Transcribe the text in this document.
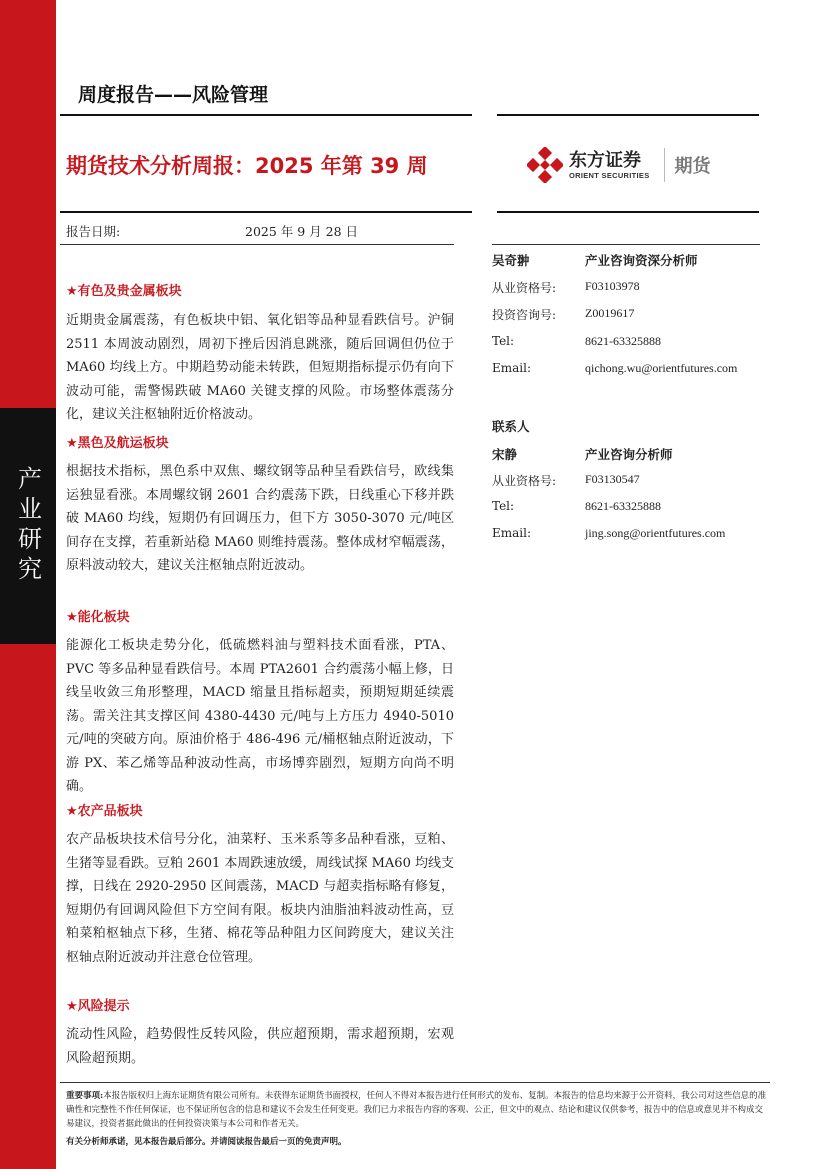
产业研究
周度报告——风险管理
期货技术分析周报：2025 年第 39 周	东方证券
ORIENT SECURITIES 期货
报告日期:	2025 年 9 月 28 日
★有色及贵金属板块
近期贵金属震荡，有色板块中铝、氧化铝等品种显看跌信号。沪铜 2511 本周波动剧烈，周初下挫后因消息跳涨，随后回调但仍位于 MA60 均线上方。中期趋势动能未转跌，但短期指标提示仍有向下波动可能，需警惕跌破 MA60 关键支撑的风险。市场整体震荡分化，建议关注枢轴附近价格波动。
★黑色及航运板块
根据技术指标，黑色系中双焦、螺纹钢等品种呈看跌信号，欧线集运独显看涨。本周螺纹钢 2601 合约震荡下跌，日线重心下移并跌破 MA60 均线，短期仍有回调压力，但下方 3050-3070 元/吨区间存在支撑，若重新站稳 MA60 则维持震荡。整体成材窄幅震荡，原料波动较大，建议关注枢轴点附近波动。
★能化板块
能源化工板块走势分化，低硫燃料油与塑料技术面看涨，PTA、PVC 等多品种显看跌信号。本周 PTA2601 合约震荡小幅上修，日线呈收敛三角形整理，MACD 缩量且指标超卖，预期短期延续震荡。需关注其支撑区间 4380-4430 元/吨与上方压力 4940-5010 元/吨的突破方向。原油价格于 486-496 元/桶枢轴点附近波动，下游 PX、苯乙烯等品种波动性高，市场博弈剧烈，短期方向尚不明确。
★农产品板块
农产品板块技术信号分化，油菜籽、玉米系等多品种看涨，豆粕、生猪等显看跌。豆粕 2601 本周跌速放缓，周线试探 MA60 均线支撑，日线在 2920-2950 区间震荡，MACD 与超卖指标略有修复，短期仍有回调风险但下方空间有限。板块内油脂油料波动性高，豆粕菜粕枢轴点下移，生猪、棉花等品种阻力区间跨度大，建议关注枢轴点附近波动并注意仓位管理。
★风险提示
流动性风险，趋势假性反转风险，供应超预期，需求超预期，宏观风险超预期。
吴奇翀	产业咨询资深分析师
从业资格号: F03103978
投资咨询号: Z0019617
Tel:	8621-63325888
Email:	qichong.wu@orientfutures.com
联系人
宋静	产业咨询分析师
从业资格号: F03130547
Tel:	8621-63325888
Email:	jing.song@orientfutures.com
重要事项:本报告版权归上海东证期货有限公司所有。未获得东证期货书面授权，任何人不得对本报告进行任何形式的发布、复制。本报告的信息均来源于公开资料，我公司对这些信息的准确性和完整性不作任何保证，也不保证所包含的信息和建议不会发生任何变更。我们已力求报告内容的客观、公正，但文中的观点、结论和建议仅供参考，报告中的信息或意见并不构成交易建议，投资者据此做出的任何投资决策与本公司和作者无关。
有关分析师承诺，见本报告最后部分。并请阅读报告最后一页的免责声明。
